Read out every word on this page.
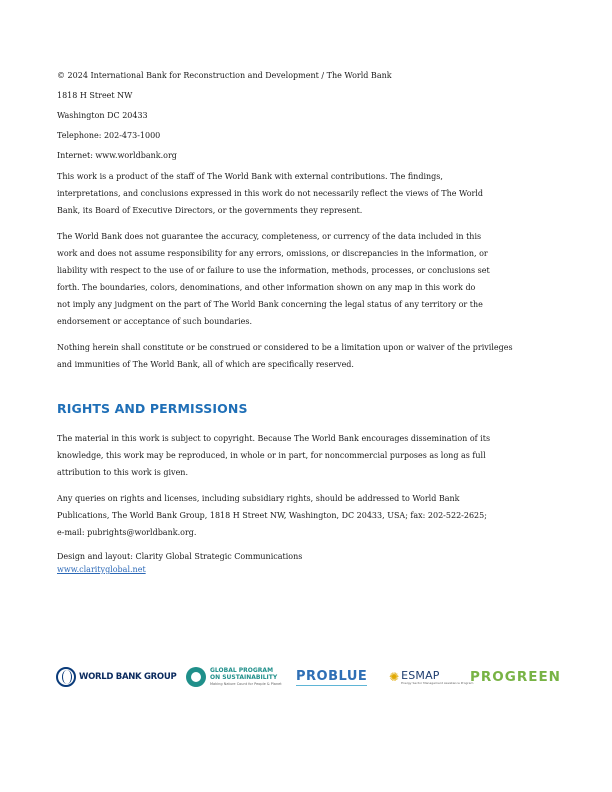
© 2024 International Bank for Reconstruction and Development / The World Bank
1818 H Street NW
Washington DC 20433
Telephone: 202-473-1000
Internet: www.worldbank.org
This work is a product of the staff of The World Bank with external contributions. The findings,
interpretations, and conclusions expressed in this work do not necessarily reflect the views of The World
Bank, its Board of Executive Directors, or the governments they represent.
The World Bank does not guarantee the accuracy, completeness, or currency of the data included in this
work and does not assume responsibility for any errors, omissions, or discrepancies in the information, or
liability with respect to the use of or failure to use the information, methods, processes, or conclusions set
forth. The boundaries, colors, denominations, and other information shown on any map in this work do
not imply any judgment on the part of The World Bank concerning the legal status of any territory or the
endorsement or acceptance of such boundaries.
Nothing herein shall constitute or be construed or considered to be a limitation upon or waiver of the privileges
and immunities of The World Bank, all of which are specifically reserved.
RIGHTS AND PERMISSIONS
The material in this work is subject to copyright. Because The World Bank encourages dissemination of its
knowledge, this work may be reproduced, in whole or in part, for noncommercial purposes as long as full
attribution to this work is given.
Any queries on rights and licenses, including subsidiary rights, should be addressed to World Bank
Publications, The World Bank Group, 1818 H Street NW, Washington, DC 20433, USA; fax: 202-522-2625;
e-mail: pubrights@worldbank.org.
Design and layout: Clarity Global Strategic Communications
www.clarityglobal.net
WORLD BANK GROUP
GLOBAL PROGRAM
ON SUSTAINABILITY
Making Nature Count for People & Planet PROBLUE ✺ ESMAP
Energy Sector Management Assistance Program
PROGREEN
